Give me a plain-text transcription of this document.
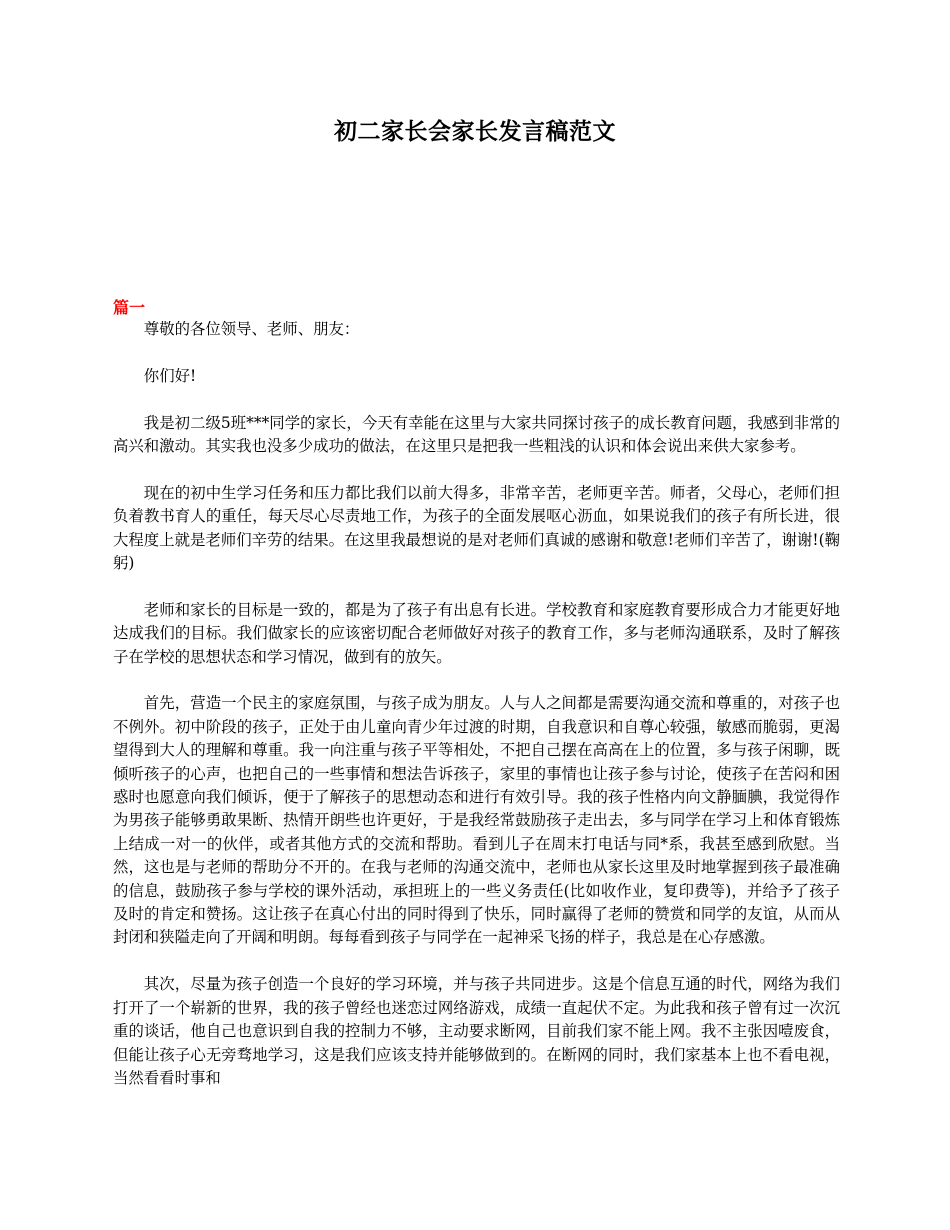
初二家长会家长发言稿范文
篇一

尊敬的各位领导、老师、朋友：

你们好!

我是初二级5班***同学的家长，今天有幸能在这里与大家共同探讨孩子的成长教育问题，我感到非常的高兴和激动。其实我也没多少成功的做法，在这里只是把我一些粗浅的认识和体会说出来供大家参考。

现在的初中生学习任务和压力都比我们以前大得多，非常辛苦，老师更辛苦。师者，父母心，老师们担负着教书育人的重任，每天尽心尽责地工作，为孩子的全面发展呕心沥血，如果说我们的孩子有所长进，很大程度上就是老师们辛劳的结果。在这里我最想说的是对老师们真诚的感谢和敬意!老师们辛苦了，谢谢!(鞠躬)

老师和家长的目标是一致的，都是为了孩子有出息有长进。学校教育和家庭教育要形成合力才能更好地达成我们的目标。我们做家长的应该密切配合老师做好对孩子的教育工作，多与老师沟通联系，及时了解孩子在学校的思想状态和学习情况，做到有的放矢。

首先，营造一个民主的家庭氛围，与孩子成为朋友。人与人之间都是需要沟通交流和尊重的，对孩子也不例外。初中阶段的孩子，正处于由儿童向青少年过渡的时期，自我意识和自尊心较强，敏感而脆弱，更渴望得到大人的理解和尊重。我一向注重与孩子平等相处，不把自己摆在高高在上的位置，多与孩子闲聊，既倾听孩子的心声，也把自己的一些事情和想法告诉孩子，家里的事情也让孩子参与讨论，使孩子在苦闷和困惑时也愿意向我们倾诉，便于了解孩子的思想动态和进行有效引导。我的孩子性格内向文静腼腆，我觉得作为男孩子能够勇敢果断、热情开朗些也许更好，于是我经常鼓励孩子走出去，多与同学在学习上和体育锻炼上结成一对一的伙伴，或者其他方式的交流和帮助。看到儿子在周末打电话与同*系，我甚至感到欣慰。当然，这也是与老师的帮助分不开的。在我与老师的沟通交流中，老师也从家长这里及时地掌握到孩子最准确的信息，鼓励孩子参与学校的课外活动，承担班上的一些义务责任(比如收作业，复印费等)，并给予了孩子及时的肯定和赞扬。这让孩子在真心付出的同时得到了快乐，同时赢得了老师的赞赏和同学的友谊，从而从封闭和狭隘走向了开阔和明朗。每每看到孩子与同学在一起神采飞扬的样子，我总是在心存感激。

其次，尽量为孩子创造一个良好的学习环境，并与孩子共同进步。这是个信息互通的时代，网络为我们打开了一个崭新的世界，我的孩子曾经也迷恋过网络游戏，成绩一直起伏不定。为此我和孩子曾有过一次沉重的谈话，他自己也意识到自我的控制力不够，主动要求断网，目前我们家不能上网。我不主张因噎废食，但能让孩子心无旁骛地学习，这是我们应该支持并能够做到的。在断网的同时，我们家基本上也不看电视，当然看看时事和
